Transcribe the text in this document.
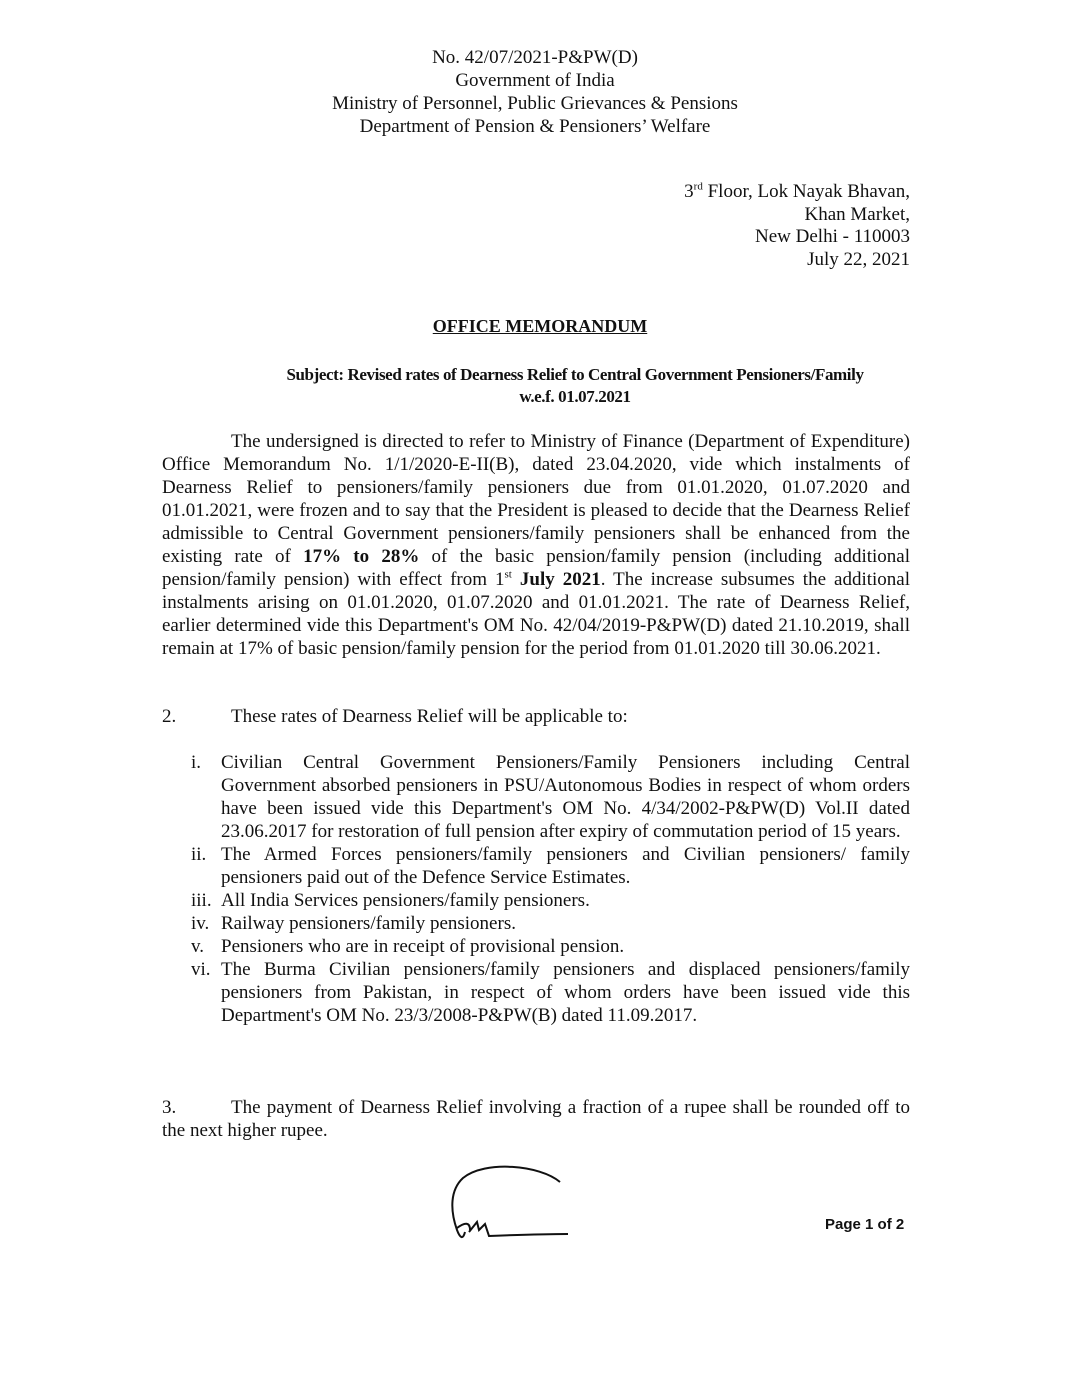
No. 42/07/2021-P&PW(D)
Government of India
Ministry of Personnel, Public Grievances & Pensions
Department of Pension & Pensioners’ Welfare
3rd Floor, Lok Nayak Bhavan,
Khan Market,
New Delhi - 110003
July 22, 2021
OFFICE MEMORANDUM
Subject: Revised rates of Dearness Relief to Central Government Pensioners/Family
w.e.f. 01.07.2021
The undersigned is directed to refer to Ministry of Finance (Department of Expenditure) Office Memorandum No. 1/1/2020-E-II(B), dated 23.04.2020, vide which instalments of Dearness Relief to pensioners/family pensioners due from 01.01.2020, 01.07.2020 and 01.01.2021, were frozen and to say that the President is pleased to decide that the Dearness Relief admissible to Central Government pensioners/family pensioners shall be enhanced from the existing rate of 17% to 28% of the basic pension/family pension (including additional pension/family pension) with effect from 1st July 2021. The increase subsumes the additional instalments arising on 01.01.2020, 01.07.2020 and 01.01.2021. The rate of Dearness Relief, earlier determined vide this Department's OM No. 42/04/2019-P&PW(D) dated 21.10.2019, shall remain at 17% of basic pension/family pension for the period from 01.01.2020 till 30.06.2021.
2.	These rates of Dearness Relief will be applicable to:
i.	Civilian Central Government Pensioners/Family Pensioners including Central Government absorbed pensioners in PSU/Autonomous Bodies in respect of whom orders have been issued vide this Department's OM No. 4/34/2002-P&PW(D) Vol.II dated 23.06.2017 for restoration of full pension after expiry of commutation period of 15 years.
ii. The Armed Forces pensioners/family pensioners and Civilian pensioners/ family pensioners paid out of the Defence Service Estimates.
iii. All India Services pensioners/family pensioners.
iv. Railway pensioners/family pensioners.
v. Pensioners who are in receipt of provisional pension.
vi. The Burma Civilian pensioners/family pensioners and displaced pensioners/family pensioners from Pakistan, in respect of whom orders have been issued vide this Department's OM No. 23/3/2008-P&PW(B) dated 11.09.2017.
3.	The payment of Dearness Relief involving a fraction of a rupee shall be rounded off to the next higher rupee.
Page 1 of 2
